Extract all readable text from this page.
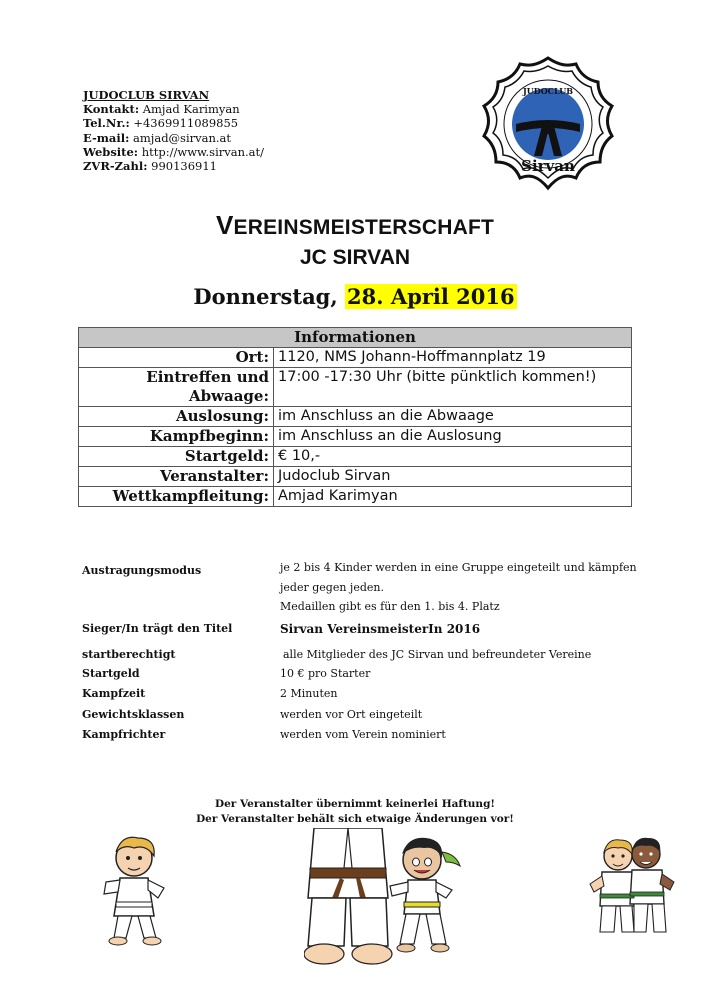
JUDOCLUB SIRVAN
Kontakt: Amjad Karimyan
Tel.Nr.: +4369911089855
E-mail: amjad@sirvan.at
Website: http://www.sirvan.at/
ZVR-Zahl: 990136911
JUDOCLUB
Sirvan
VEREINSMEISTERSCHAFT
JC SIRVAN
Donnerstag, 28. April 2016
Informationen	
Ort:	1120, NMS Johann-Hoffmannplatz 19
Eintreffen und Abwaage:	17:00 -17:30 Uhr (bitte pünktlich kommen!)
Auslosung:	im Anschluss an die Abwaage
Kampfbeginn:	im Anschluss an die Auslosung
Startgeld:	€ 10,-
Veranstalter:	Judoclub Sirvan
Wettkampfleitung:	Amjad Karimyan
Austragungsmodus	je 2 bis 4 Kinder werden in eine Gruppe eingeteilt und kämpfen
jeder gegen jeden.
Medaillen gibt es für den 1. bis 4. Platz
Sieger/In trägt den Titel	Sirvan VereinsmeisterIn 2016
startberechtigt	alle Mitglieder des JC Sirvan und befreundeter Vereine
Startgeld	10 € pro Starter
Kampfzeit	2 Minuten
Gewichtsklassen	werden vor Ort eingeteilt
Kampfrichter	werden vom Verein nominiert
Der Veranstalter übernimmt keinerlei Haftung!
Der Veranstalter behält sich etwaige Änderungen vor!
